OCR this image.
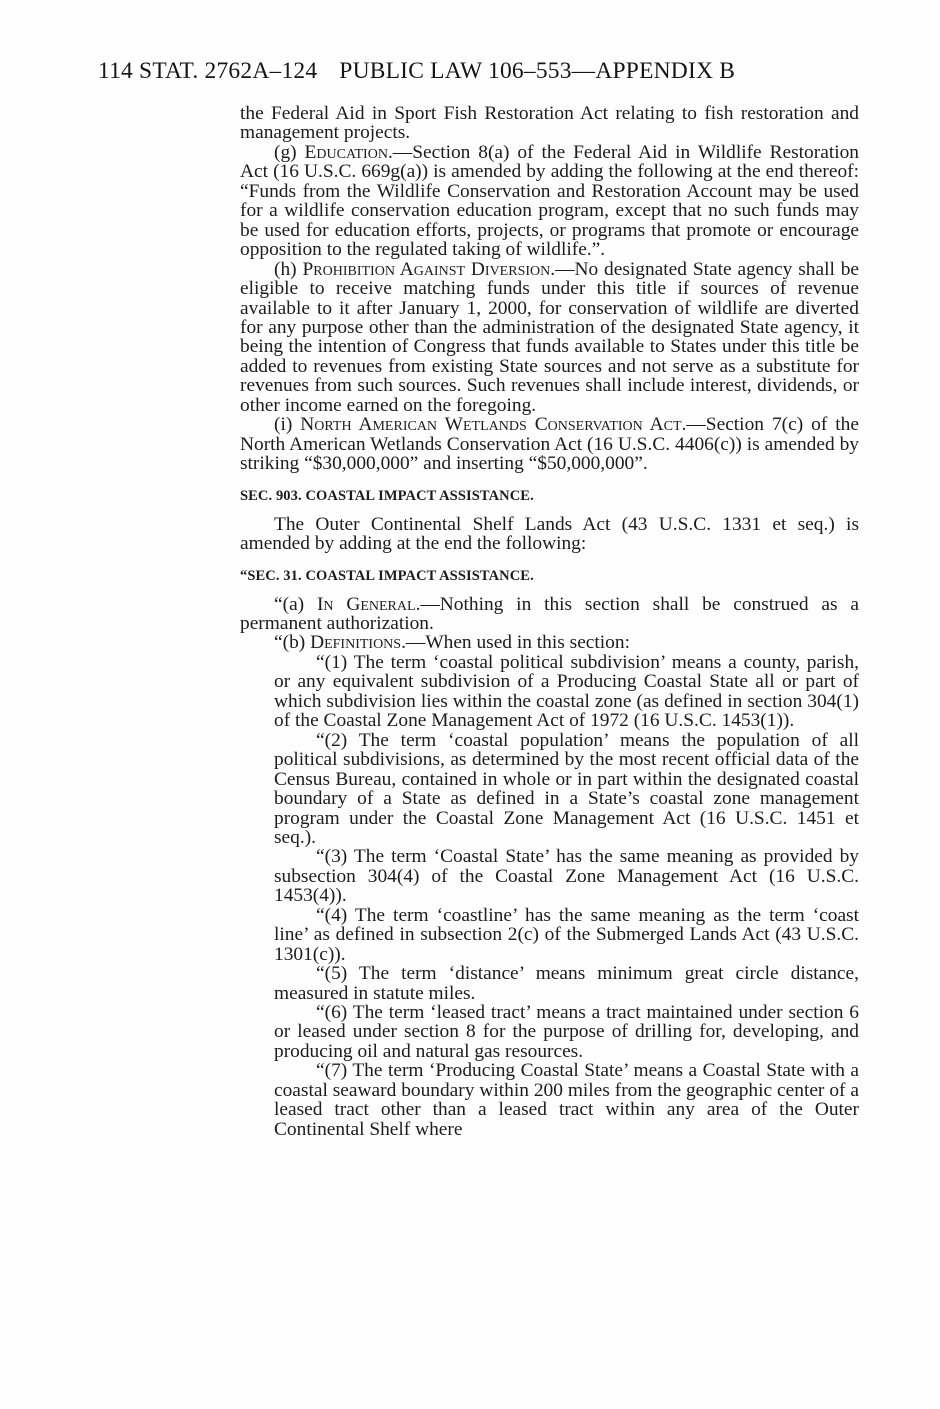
114 STAT. 2762A–124 PUBLIC LAW 106–553—APPENDIX B

the Federal Aid in Sport Fish Restoration Act relating to fish restoration and management projects.

(g) Education.—Section 8(a) of the Federal Aid in Wildlife Restoration Act (16 U.S.C. 669g(a)) is amended by adding the following at the end thereof: “Funds from the Wildlife Conservation and Restoration Account may be used for a wildlife conservation education program, except that no such funds may be used for education efforts, projects, or programs that promote or encourage opposition to the regulated taking of wildlife.”.

(h) Prohibition Against Diversion.—No designated State agency shall be eligible to receive matching funds under this title if sources of revenue available to it after January 1, 2000, for conservation of wildlife are diverted for any purpose other than the administration of the designated State agency, it being the intention of Congress that funds available to States under this title be added to revenues from existing State sources and not serve as a substitute for revenues from such sources. Such revenues shall include interest, dividends, or other income earned on the foregoing.

(i) North American Wetlands Conservation Act.—Section 7(c) of the North American Wetlands Conservation Act (16 U.S.C. 4406(c)) is amended by striking “$30,000,000” and inserting “$50,000,000”.

SEC. 903. COASTAL IMPACT ASSISTANCE.

The Outer Continental Shelf Lands Act (43 U.S.C. 1331 et seq.) is amended by adding at the end the following:

“SEC. 31. COASTAL IMPACT ASSISTANCE.

“(a) In General.—Nothing in this section shall be construed as a permanent authorization.

“(b) Definitions.—When used in this section:

“(1) The term ‘coastal political subdivision’ means a county, parish, or any equivalent subdivision of a Producing Coastal State all or part of which subdivision lies within the coastal zone (as defined in section 304(1) of the Coastal Zone Management Act of 1972 (16 U.S.C. 1453(1)).

“(2) The term ‘coastal population’ means the population of all political subdivisions, as determined by the most recent official data of the Census Bureau, contained in whole or in part within the designated coastal boundary of a State as defined in a State’s coastal zone management program under the Coastal Zone Management Act (16 U.S.C. 1451 et seq.).

“(3) The term ‘Coastal State’ has the same meaning as provided by subsection 304(4) of the Coastal Zone Management Act (16 U.S.C. 1453(4)).

“(4) The term ‘coastline’ has the same meaning as the term ‘coast line’ as defined in subsection 2(c) of the Submerged Lands Act (43 U.S.C. 1301(c)).

“(5) The term ‘distance’ means minimum great circle distance, measured in statute miles.

“(6) The term ‘leased tract’ means a tract maintained under section 6 or leased under section 8 for the purpose of drilling for, developing, and producing oil and natural gas resources.

“(7) The term ‘Producing Coastal State’ means a Coastal State with a coastal seaward boundary within 200 miles from the geographic center of a leased tract other than a leased tract within any area of the Outer Continental Shelf where
